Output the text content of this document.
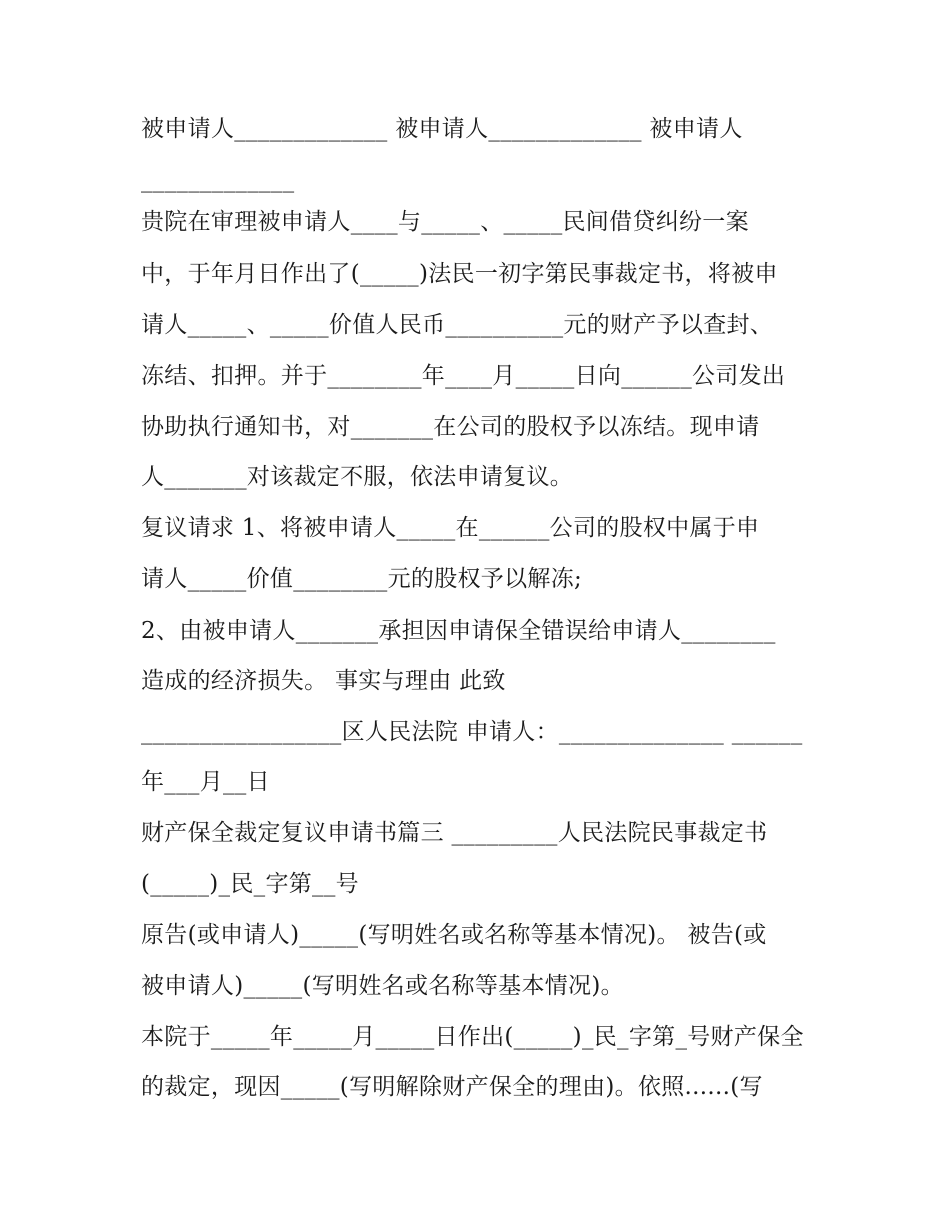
被申请人_____________ 被申请人_____________ 被申请人
_____________
贵院在审理被申请人____与_____、_____民间借贷纠纷一案
中，于年月日作出了(_____)法民一初字第民事裁定书，将被申
请人_____、_____价值人民币__________元的财产予以查封、
冻结、扣押。并于________年____月_____日向______公司发出
协助执行通知书，对_______在公司的股权予以冻结。现申请
人_______对该裁定不服，依法申请复议。
复议请求 1、将被申请人_____在______公司的股权中属于申
请人_____价值________元的股权予以解冻;
2、由被申请人_______承担因申请保全错误给申请人________
造成的经济损失。 事实与理由 此致
_________________区人民法院 申请人：______________ ______
年___月__日
财产保全裁定复议申请书篇三 _________人民法院民事裁定书
(_____)_民_字第__号
原告(或申请人)_____(写明姓名或名称等基本情况)。 被告(或
被申请人)_____(写明姓名或名称等基本情况)。
本院于_____年_____月_____日作出(_____)_民_字第_号财产保全
的裁定，现因_____(写明解除财产保全的理由)。依照......(写
